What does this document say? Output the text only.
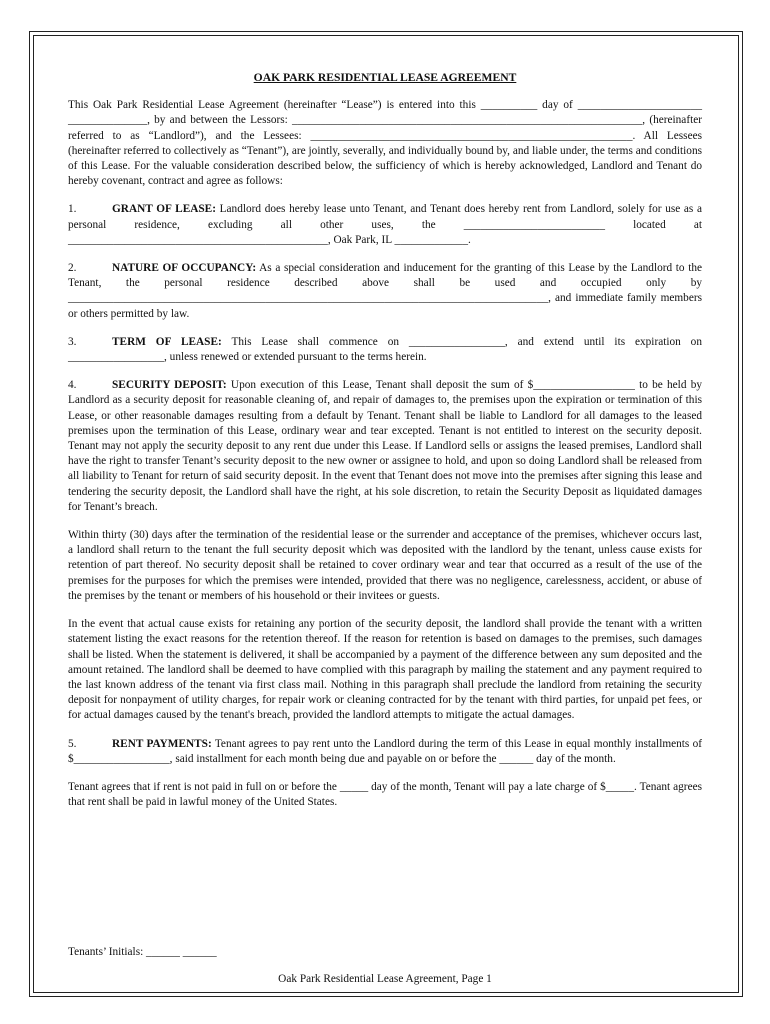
OAK PARK RESIDENTIAL LEASE AGREEMENT

This Oak Park Residential Lease Agreement (hereinafter “Lease”) is entered into this __________ day of ______________________ ______________, by and between the Lessors: ______________________________________________________________, (hereinafter referred to as “Landlord”), and the Lessees: _________________________________________________________. All Lessees (hereinafter referred to collectively as “Tenant”), are jointly, severally, and individually bound by, and liable under, the terms and conditions of this Lease. For the valuable consideration described below, the sufficiency of which is hereby acknowledged, Landlord and Tenant do hereby covenant, contract and agree as follows:

1.	GRANT OF LEASE: Landlord does hereby lease unto Tenant, and Tenant does hereby rent from Landlord, solely for use as a personal residence, excluding all other uses, the _________________________ located at ______________________________________________, Oak Park, IL _____________.

2.	NATURE OF OCCUPANCY: As a special consideration and inducement for the granting of this Lease by the Landlord to the Tenant, the personal residence described above shall be used and occupied only by _____________________________________________________________________________________, and immediate family members or others permitted by law.

3.	TERM OF LEASE: This Lease shall commence on _________________, and extend until its expiration on _________________, unless renewed or extended pursuant to the terms herein.

4.	SECURITY DEPOSIT: Upon execution of this Lease, Tenant shall deposit the sum of $__________________ to be held by Landlord as a security deposit for reasonable cleaning of, and repair of damages to, the premises upon the expiration or termination of this Lease, or other reasonable damages resulting from a default by Tenant. Tenant shall be liable to Landlord for all damages to the leased premises upon the termination of this Lease, ordinary wear and tear excepted. Tenant is not entitled to interest on the security deposit. Tenant may not apply the security deposit to any rent due under this Lease. If Landlord sells or assigns the leased premises, Landlord shall have the right to transfer Tenant’s security deposit to the new owner or assignee to hold, and upon so doing Landlord shall be released from all liability to Tenant for return of said security deposit. In the event that Tenant does not move into the premises after signing this lease and tendering the security deposit, the Landlord shall have the right, at his sole discretion, to retain the Security Deposit as liquidated damages for Tenant’s breach.

Within thirty (30) days after the termination of the residential lease or the surrender and acceptance of the premises, whichever occurs last, a landlord shall return to the tenant the full security deposit which was deposited with the landlord by the tenant, unless cause exists for retention of part thereof. No security deposit shall be retained to cover ordinary wear and tear that occurred as a result of the use of the premises for the purposes for which the premises were intended, provided that there was no negligence, carelessness, accident, or abuse of the premises by the tenant or members of his household or their invitees or guests.

In the event that actual cause exists for retaining any portion of the security deposit, the landlord shall provide the tenant with a written statement listing the exact reasons for the retention thereof. If the reason for retention is based on damages to the premises, such damages shall be listed. When the statement is delivered, it shall be accompanied by a payment of the difference between any sum deposited and the amount retained. The landlord shall be deemed to have complied with this paragraph by mailing the statement and any payment required to the last known address of the tenant via first class mail. Nothing in this paragraph shall preclude the landlord from retaining the security deposit for nonpayment of utility charges, for repair work or cleaning contracted for by the tenant with third parties, for unpaid pet fees, or for actual damages caused by the tenant's breach, provided the landlord attempts to mitigate the actual damages.

5.	RENT PAYMENTS: Tenant agrees to pay rent unto the Landlord during the term of this Lease in equal monthly installments of $_________________, said installment for each month being due and payable on or before the ______ day of the month.

Tenant agrees that if rent is not paid in full on or before the _____ day of the month, Tenant will pay a late charge of $_____. Tenant agrees that rent shall be paid in lawful money of the United States.

Tenants’ Initials: ______ ______
Oak Park Residential Lease Agreement, Page 1
